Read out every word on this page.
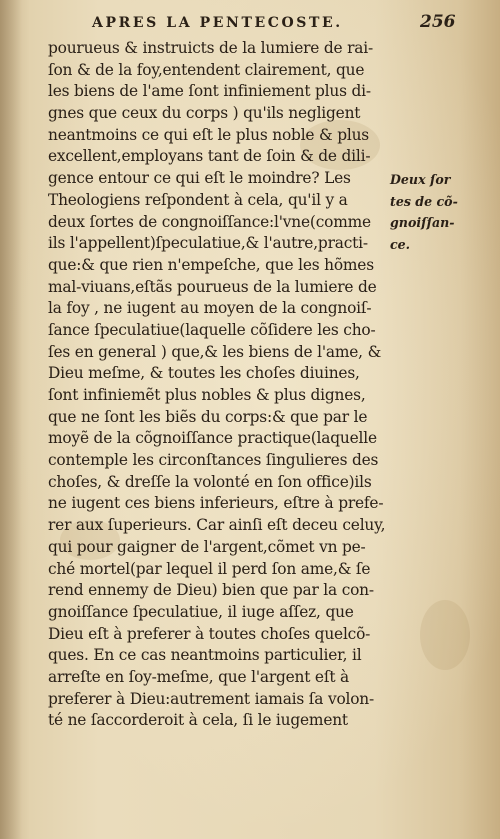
APRES LA PENTECOSTE.	256
pourueus & instruicts de la lumiere de rai-
ſon & de la foy,entendent clairement, que
les biens de l'ame ſont infiniement plus di-
gnes que ceux du corps ) qu'ils negligent
neantmoins ce qui eſt le plus noble & plus
excellent,employans tant de ſoin & de dili-
gence entour ce qui eſt le moindre? Les
Theologiens reſpondent à cela, qu'il y a
deux ſortes de congnoiſſance:l'vne(comme
ils l'appellent)ſpeculatiue,& l'autre,practi-
que:& que rien n'empeſche, que les hõmes
mal-viuans,eſtãs pourueus de la lumiere de
la foy , ne iugent au moyen de la congnoiſ-
ſance ſpeculatiue(laquelle cõſidere les cho-
ſes en general ) que,& les biens de l'ame, &
Dieu meſme, & toutes les choſes diuines,
ſont infiniemẽt plus nobles & plus dignes,
que ne ſont les biẽs du corps:& que par le
moyẽ de la cõgnoiſſance practique(laquelle
contemple les circonſtances ſingulieres des
choſes, & dreſſe la volonté en ſon office)ils
ne iugent ces biens inferieurs, eſtre à prefe-
rer aux ſuperieurs. Car ainſi eſt deceu celuy,
qui pour gaigner de l'argent,cõmet vn pe-
ché mortel(par lequel il perd ſon ame,& ſe
rend ennemy de Dieu) bien que par la con-
gnoiſſance ſpeculatiue, il iuge aſſez, que
Dieu eſt à preferer à toutes choſes quelcõ-
ques. En ce cas neantmoins particulier, il
arreſte en ſoy-meſme, que l'argent eſt à
preferer à Dieu:autrement iamais ſa volon-
té ne ſaccorderoit à cela, ſi le iugement
Deux ſor
tes de cõ-
gnoiſſan-
ce.
